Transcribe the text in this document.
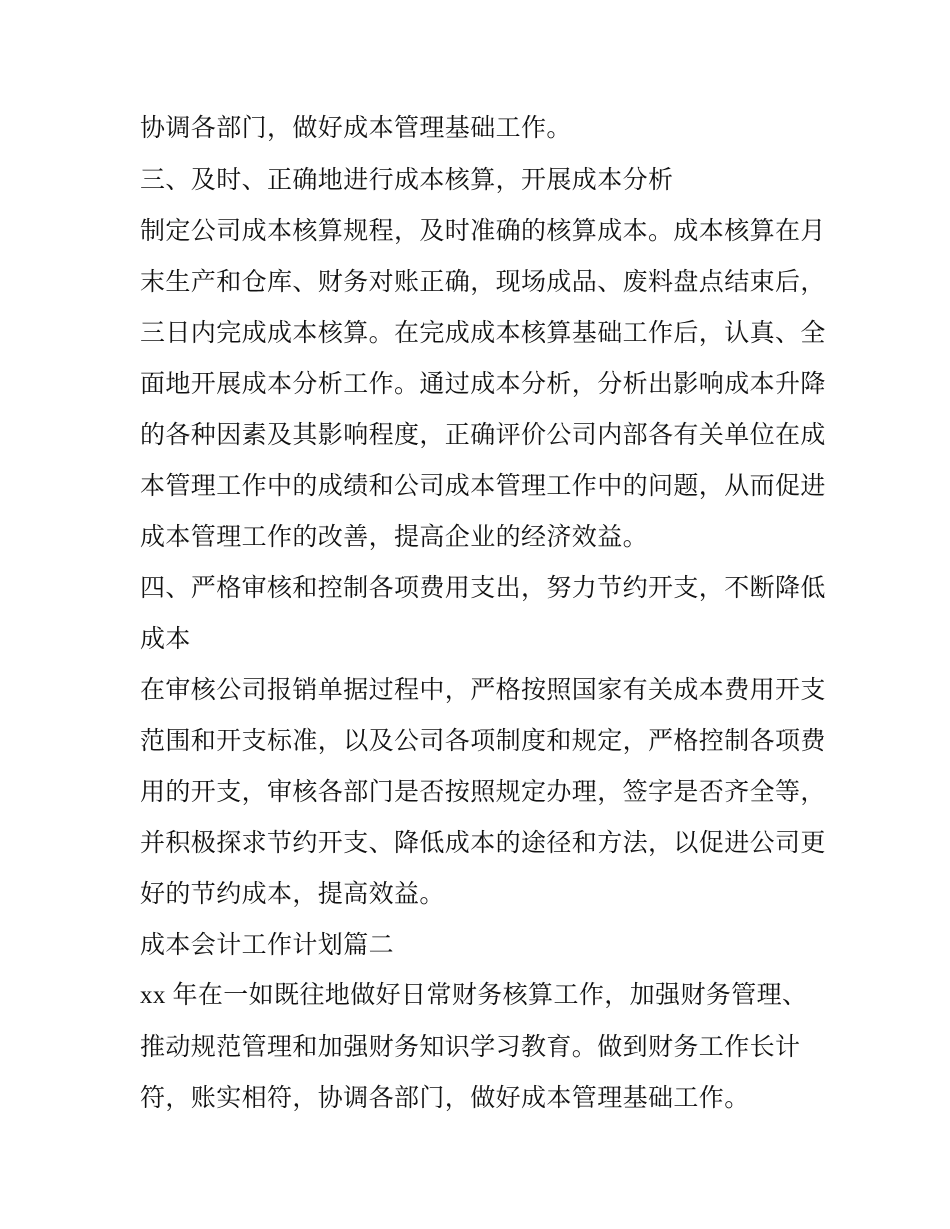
协调各部门，做好成本管理基础工作。
三、及时、正确地进行成本核算，开展成本分析
制定公司成本核算规程，及时准确的核算成本。成本核算在月
末生产和仓库、财务对账正确，现场成品、废料盘点结束后，
三日内完成成本核算。在完成成本核算基础工作后，认真、全
面地开展成本分析工作。通过成本分析，分析出影响成本升降
的各种因素及其影响程度，正确评价公司内部各有关单位在成
本管理工作中的成绩和公司成本管理工作中的问题，从而促进
成本管理工作的改善，提高企业的经济效益。
四、严格审核和控制各项费用支出，努力节约开支，不断降低
成本
在审核公司报销单据过程中，严格按照国家有关成本费用开支
范围和开支标准，以及公司各项制度和规定，严格控制各项费
用的开支，审核各部门是否按照规定办理，签字是否齐全等，
并积极探求节约开支、降低成本的途径和方法，以促进公司更
好的节约成本，提高效益。
成本会计工作计划篇二
xx 年在一如既往地做好日常财务核算工作，加强财务管理、
推动规范管理和加强财务知识学习教育。做到财务工作长计
符，账实相符，协调各部门，做好成本管理基础工作。
